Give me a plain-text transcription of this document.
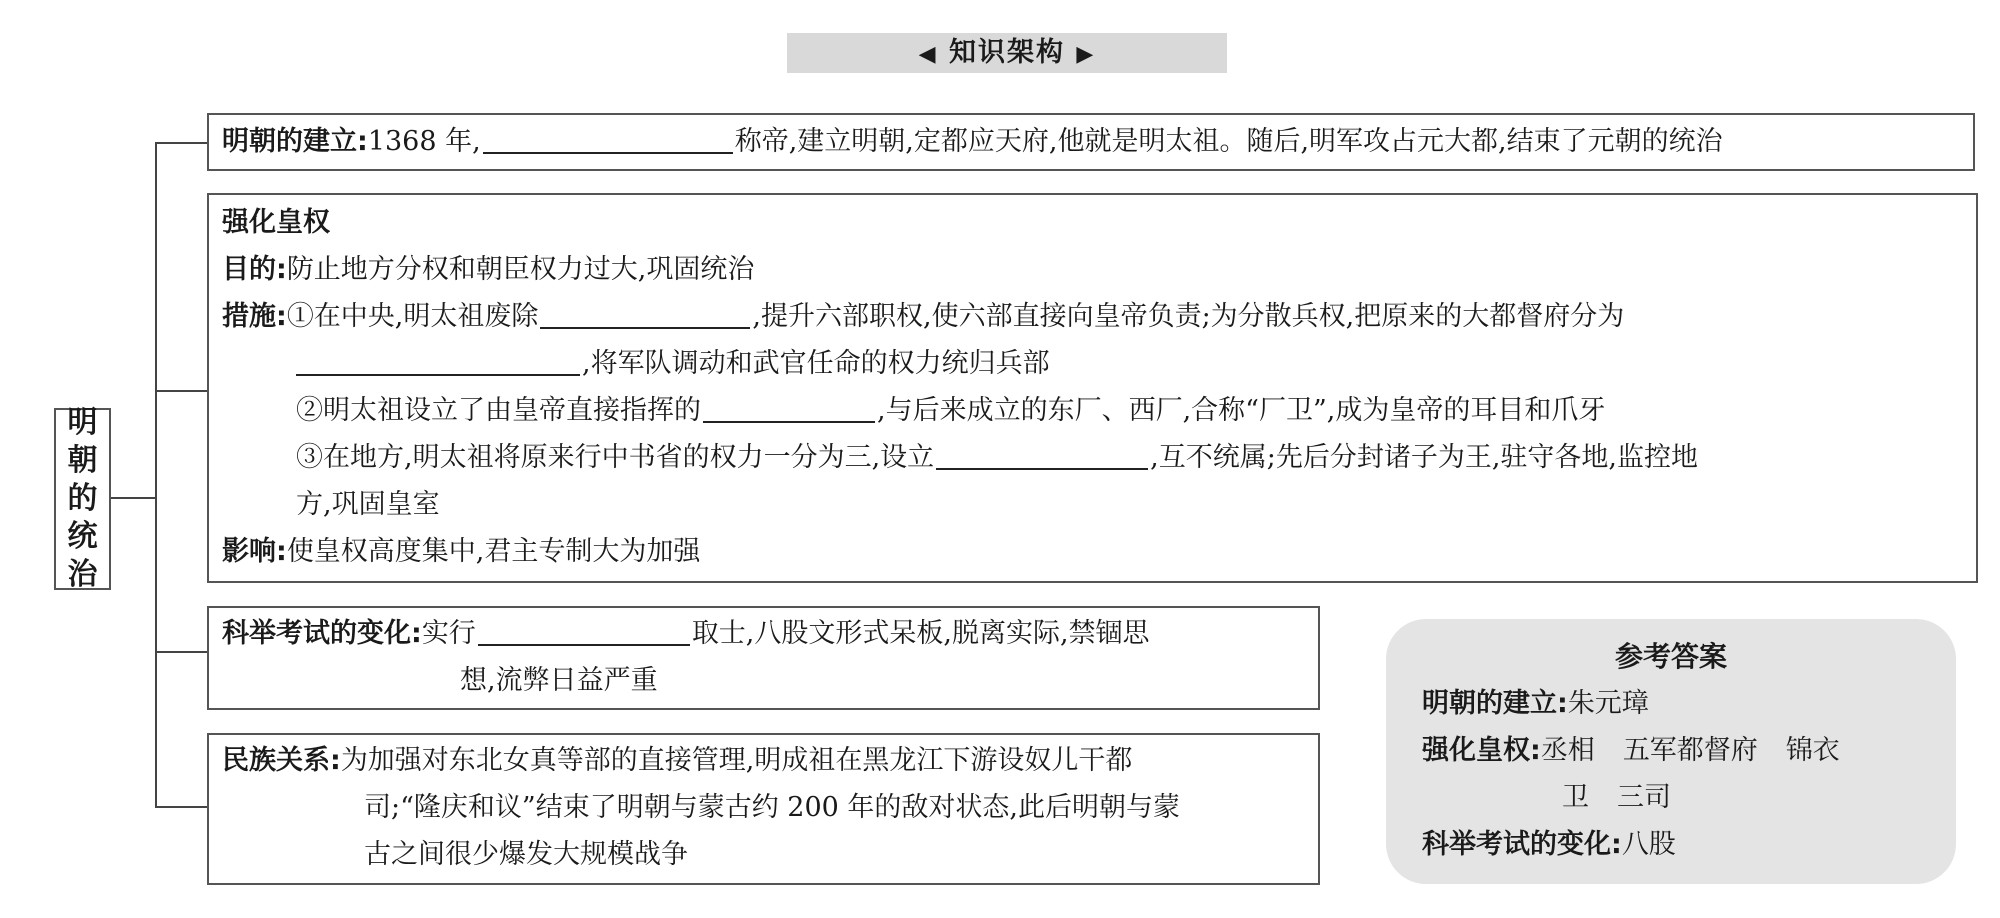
◀ 知识架构 ▶
明朝的统治
明朝的建立:1368 年,	称帝,建立明朝,定都应天府,他就是明太祖。随后,明军攻占元大都,结束了元朝的统治
强化皇权
目的:防止地方分权和朝臣权力过大,巩固统治
措施:①在中央,明太祖废除	,提升六部职权,使六部直接向皇帝负责;为分散兵权,把原来的大都督府分为
,将军队调动和武官任命的权力统归兵部
②明太祖设立了由皇帝直接指挥的	,与后来成立的东厂、西厂,合称“厂卫”,成为皇帝的耳目和爪牙
③在地方,明太祖将原来行中书省的权力一分为三,设立	,互不统属;先后分封诸子为王,驻守各地,监控地
方,巩固皇室
影响:使皇权高度集中,君主专制大为加强
科举考试的变化:实行	取士,八股文形式呆板,脱离实际,禁锢思
想,流弊日益严重
民族关系:为加强对东北女真等部的直接管理,明成祖在黑龙江下游设奴儿干都
司;“隆庆和议”结束了明朝与蒙古约 200 年的敌对状态,此后明朝与蒙
古之间很少爆发大规模战争
参考答案
明朝的建立:朱元璋
强化皇权:丞相 五军都督府 锦衣
卫 三司
科举考试的变化:八股
